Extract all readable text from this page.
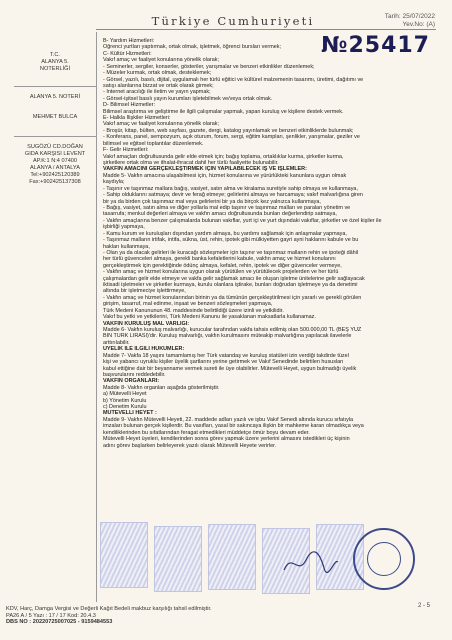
Türkiye Cumhuriyeti	Tarih: 25/07/2022
Yev.No: (A)
№25417
T.C.
ALANYA 5.
NOTERLİĞİ
ALANYA 5. NOTERİ
MEHMET BULCA
SUGÖZÜ CD.DOĞAN
GIDA KARŞISI LEVENT
AP.K:1 N:4 07400
ALANYA / ANTALYA
Tel:+902425120389
Fax:+902425137308
B- Yardım Hizmetleri:
Öğrenci yurtları yaptırmak, ortak olmak, işletmek, öğrenci bursları vermek;
C- Kültür Hizmetleri:
Vakıf amaç ve faaliyet konularına yönelik olarak;
- Seminerler, sergiler, konserler, gösteriler, yarışmalar ve benzeri etkinlikler düzenlemek;
- Müzeler kurmak, ortak olmak, desteklemek;
- Görsel, yazılı, basılı, dijital, uygulamalı her türlü eğitici ve kültürel malzemenin tasarımı, üretimi, dağıtımı ve
satışı alanlarına bizzat ve ortak olarak girmek;
- İnternet aracılığı ile iletim ve yayın yapmak;
- Görsel-işitsel basılı yayın kurumları işletebilmek ve/veya ortak olmak.
D- Bilimsel Hizmetler:
Bilimsel araştırma ve geliştirme ile ilgili çalışmalar yapmak, yapan kuruluş ve kişilere destek vermek.
E- Halkla İlişkiler Hizmetleri:
Vakıf amaç ve faaliyet konularına yönelik olarak;
- Broşür, kitap, bülten, web sayfası, gazete, dergi, katalog yayınlamak ve benzeri etkinliklerde bulunmak;
- Konferans, panel, sempozyum, açık oturum, forum, sergi, eğitim kampları, şenlikler, yarışmalar, geziler ve
bilimsel ve eğitsel toplantılar düzenlemek.
F- Gelir Hizmetleri:
Vakıf amaçları doğrultusunda gelir elde etmek için; bağış toplama, ortaklıklar kurma, şirketler kurma,
şirketlere ortak olma ve ithalat-ihracat dahil her türlü faaliyette bulunabilir.
VAKFIN AMACINI GERÇEKLEŞTİRMEK İÇİN YAPILABİLECEK İŞ VE İŞLEMLER:
Madde 5- Vakfın amacına ulaşabilmesi için, hizmet konularına ve yürürlükteki kanunlara uygun olmak
kaydıyla;
- Taşınır ve taşınmaz mallara bağış, vasiyet, satın alma ve kiralama suretiyle sahip olmaya ve kullanmaya,
- Sahip olduklarını satmaya; devir ve ferağ etmeye; gelirlerini almaya ve harcamaya; vakıf malvarlığına giren
bir ya da birden çok taşınmaz mal veya gelirlerini bir ya da birçok kez yalnızca kullanmaya,
- Bağış, vasiyet, satın alma ve diğer yollarla mal edip taşınır ve taşınmaz malları ve paraları yönetim ve
tasarrufa; menkul değerleri almaya ve vakfın amacı doğrultusunda bunları değerlendirip satmaya,
- Vakfın amaçlarına benzer çalışmalarda bulunan vakıflar, yurt içi ve yurt dışındaki vakıflar, şirketler ve özel kişiler ile
işbirliği yapmaya,
- Kamu kurum ve kuruluşları dışından yardım almaya, bu yardımı sağlamak için anlaşmalar yapmaya,
- Taşınmaz malların irtifak, intifa, sükna, üst, rehin, ipotek gibi mülkiyetten gayri ayni haklarını kabule ve bu
hakları kullanmaya,
- Olan ya da olacak gelirleri ile kuracağı sözleşmeler için taşınır ve taşınmaz malların rehin ve ipoteği dâhil
her türlü güvenceleri almaya, gerekli banka kefaletlerini kabule, vakfın amaç ve hizmet konularını
gerçekleştirmek için gerektiğinde ödünç almaya, kefalet, rehin, ipotek ve diğer güvenceler vermeye,
- Vakfın amaç ve hizmet konularına uygun olarak yürütülen ve yürütülecek projelerden ve her türlü
çalışmalardan gelir elde etmeye ve vakfa gelir sağlamak amacı ile oluşan işletme ünitelerine gelir sağlayacak
iktisadi işletmeler ve şirketler kurmaya, kurulu olanlara iştirake, bunları doğrudan işletmeye ya da denetimi
altında bir işletmeciye işlettirmeye,
- Vakfın amaç ve hizmet konularından birinin ya da tümünün gerçekleştirilmesi için yararlı ve gerekli görülen
girişim, tasarruf, mal edinme, inşaat ve benzeri sözleşmeleri yapmaya,
Türk Medeni Kanununun 48. maddesinde belirtildiği üzere izinli ve yetkilidir.
Vakıf bu yetki ve yetkilerini, Türk Medeni Kanunu ile yasaklanan maksatlarla kullanamaz.
VAKFIN KURULUŞ MAL VARLIĞI:
Madde 6- Vakfın kuruluş malvarlığı, kurucular tarafından vakfa tahsis edilmiş olan 500.000,00 TL (BEŞ YÜZ
BİN TÜRK LİRASI)'dir. Kuruluş malvarlığı, vakfın kurulmasını müteakip malvarlığına yapılacak ilavelerle
arttırılabilir.
ÜYELİK İLE İLGİLİ HÜKÜMLER:
Madde 7- Vakfa 18 yaşını tamamlamış her Türk vatandaş ve kuruluş statüleri izin verdiği takdirde tüzel
kişi ve yabancı uyruklu kişiler üyelik şartlarını yerine getirmek ve Vakıf Senedinde belirtilen hususları
kabul ettiğine dair bir beyanname vermek sureti ile üye olabilirler. Mütevelli Heyet, uygun bulmadığı üyelik
başvurularını reddedebilir.
VAKFIN ORGANLARI:
Madde 8- Vakfın organları aşağıda gösterilmiştir.
a) Mütevelli Heyet
b) Yönetim Kurulu
c) Denetim Kurulu
MÜTEVELLİ HEYET :
Madde 9- Vakfın Mütevelli Heyeti, 22. maddede adları yazılı ve işbu Vakıf Senedi altında kurucu sıfatıyla
imzaları bulunan gerçek kişilerdir. Bu vasıfları, yasal bir sakıncaya ilişkin bir mahkeme kararı olmadıkça veya
kendiliklerinden bu sıfatlarından feragat etmedikleri müddetçe ömür boyu devam eder.
Mütevelli Heyet üyeleri, kendilerinden sonra görev yapmak üzere yerlerini almasını istedikleri üç kişinin
adını görev başlarken belirleyerek yazılı olarak Mütevelli Heyete verirler.
KDV, Harç, Damga Vergisi ve Değerli Kağıt Bedeli makbuz karşılığı tahsil edilmiştir.
PA26 A / 5 Yazı : 17 / 17 Kod: 20.4.3
DBS NO : 20220725007025 - 9159484553
2 - 5
